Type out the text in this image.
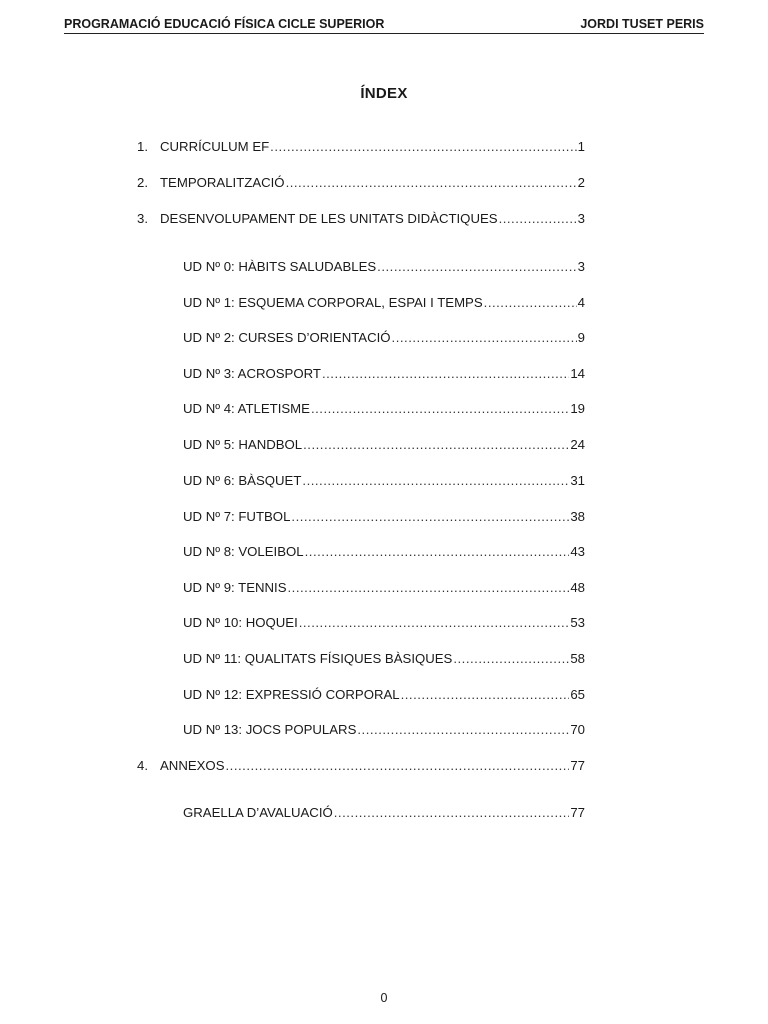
PROGRAMACIÓ EDUCACIÓ FÍSICA CICLE SUPERIOR	JORDI TUSET PERIS
ÍNDEX
1. CURRÍCULUM EF .....	1
2. TEMPORALITZACIÓ .....	2
3. DESENVOLUPAMENT DE LES UNITATS DIDÀCTIQUES .....	3
UD Nº 0: HÀBITS SALUDABLES .....	3
UD Nº 1: ESQUEMA CORPORAL, ESPAI I TEMPS .....	4
UD Nº 2: CURSES D’ORIENTACIÓ .....	9
UD Nº 3: ACROSPORT .....	14
UD Nº 4: ATLETISME .....	19
UD Nº 5: HANDBOL .....	24
UD Nº 6: BÀSQUET .....	31
UD Nº 7: FUTBOL .....	38
UD Nº 8: VOLEIBOL .....	43
UD Nº 9: TENNIS .....	48
UD Nº 10: HOQUEI .....	53
UD Nº 11: QUALITATS FÍSIQUES BÀSIQUES .....	58
UD Nº 12: EXPRESSIÓ CORPORAL .....	65
UD Nº 13: JOCS POPULARS .....	70
4. ANNEXOS .....	77
GRAELLA D’AVALUACIÓ .....	77
0
